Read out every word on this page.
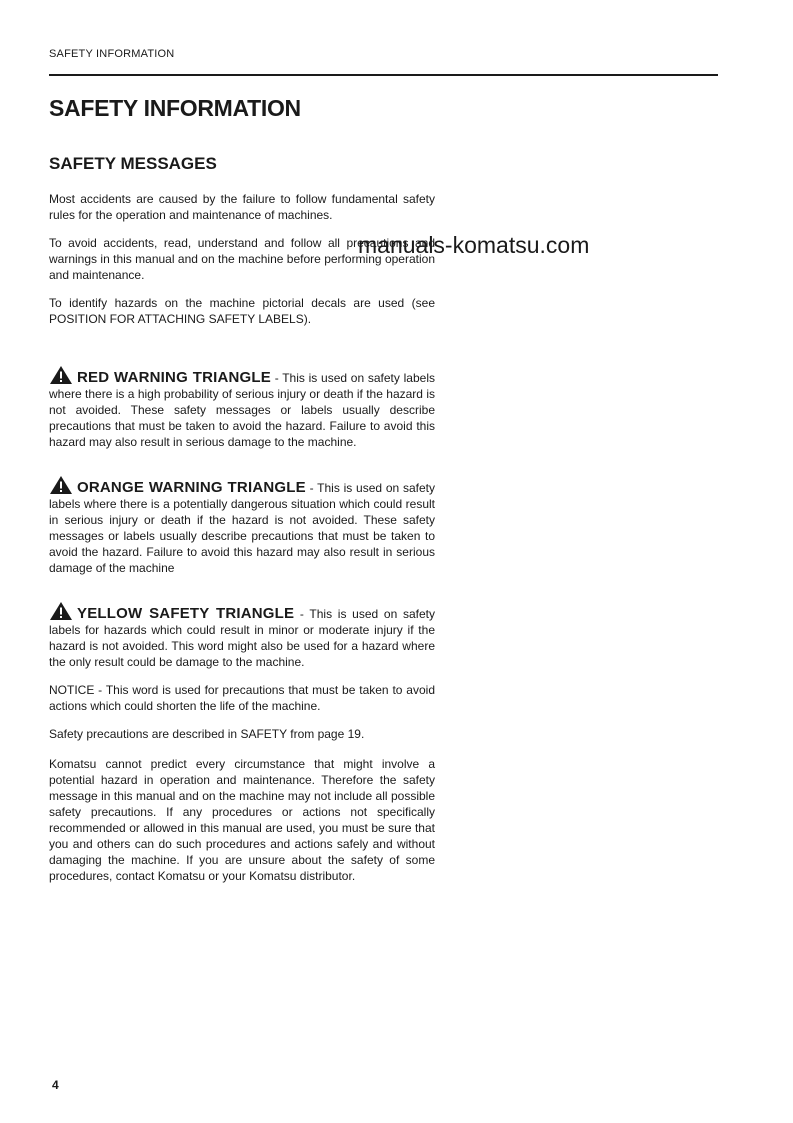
SAFETY INFORMATION
SAFETY INFORMATION
SAFETY MESSAGES

Most accidents are caused by the failure to follow fundamental safety rules for the operation and maintenance of machines.

To avoid accidents, read, understand and follow all precautions and warnings in this manual and on the machine before performing operation and maintenance.

To identify hazards on the machine pictorial decals are used (see POSITION FOR ATTACHING SAFETY LABELS).

RED WARNING TRIANGLE - This is used on safety labels where there is a high probability of serious injury or death if the hazard is not avoided. These safety messages or labels usually describe precautions that must be taken to avoid the hazard. Failure to avoid this hazard may also result in serious damage to the machine.

ORANGE WARNING TRIANGLE - This is used on safety labels where there is a potentially dangerous situation which could result in serious injury or death if the hazard is not avoided. These safety messages or labels usually describe precautions that must be taken to avoid the hazard. Failure to avoid this hazard may also result in serious damage of the machine

YELLOW SAFETY TRIANGLE - This is used on safety labels for hazards which could result in minor or moderate injury if the hazard is not avoided. This word might also be used for a hazard where the only result could be damage to the machine.

NOTICE - This word is used for precautions that must be taken to avoid actions which could shorten the life of the machine.

Safety precautions are described in SAFETY from page 19.

Komatsu cannot predict every circumstance that might involve a potential hazard in operation and maintenance. Therefore the safety message in this manual and on the machine may not include all possible safety precautions. If any procedures or actions not specifically recommended or allowed in this manual are used, you must be sure that you and others can do such procedures and actions safely and without damaging the machine. If you are unsure about the safety of some procedures, contact Komatsu or your Komatsu distributor.

manuals-komatsu.com
4
